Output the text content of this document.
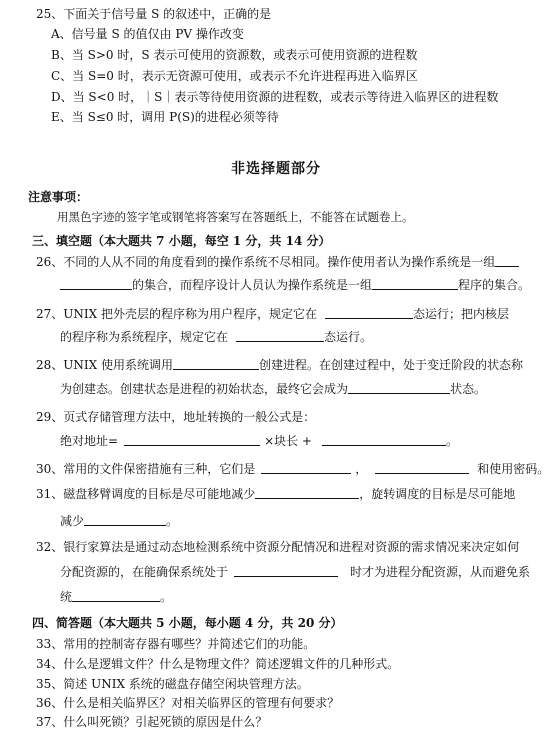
25、下面关于信号量 S 的叙述中，正确的是
A、信号量 S 的值仅由 PV 操作改变
B、当 S>0 时，S 表示可使用的资源数，或表示可使用资源的进程数
C、当 S=0 时，表示无资源可使用，或表示不允许进程再进入临界区
D、当 S<0 时，｜S｜表示等待使用资源的进程数，或表示等待进入临界区的进程数
E、当 S≤0 时，调用 P(S)的进程必须等待
非选择题部分
注意事项：
用黑色字迹的签字笔或钢笔将答案写在答题纸上，不能答在试题卷上。
三、填空题（本大题共 7 小题，每空 1 分，共 14 分）
26、不同的人从不同的角度看到的操作系统不尽相同。操作使用者认为操作系统是一组
的集合，而程序设计人员认为操作系统是一组	程序的集合。
27、UNIX 把外壳层的程序称为用户程序，规定它在	态运行；把内核层
的程序称为系统程序，规定它在	态运行。
28、UNIX 使用系统调用	创建进程。在创建过程中，处于变迁阶段的状态称
为创建态。创建状态是进程的初始状态，最终它会成为	状态。
29、页式存储管理方法中，地址转换的一般公式是：
绝对地址=	×块长 +	。
30、常用的文件保密措施有三种，它们是	，	和使用密码。
31、磁盘移臂调度的目标是尽可能地减少	，旋转调度的目标是尽可能地
减少	。
32、银行家算法是通过动态地检测系统中资源分配情况和进程对资源的需求情况来决定如何
分配资源的，在能确保系统处于	时才为进程分配资源，从而避免系
统	。
四、简答题（本大题共 5 小题，每小题 4 分，共 20 分）
33、常用的控制寄存器有哪些？并简述它们的功能。
34、什么是逻辑文件？什么是物理文件？简述逻辑文件的几种形式。
35、简述 UNIX 系统的磁盘存储空闲块管理方法。
36、什么是相关临界区？对相关临界区的管理有何要求？
37、什么叫死锁？引起死锁的原因是什么？
